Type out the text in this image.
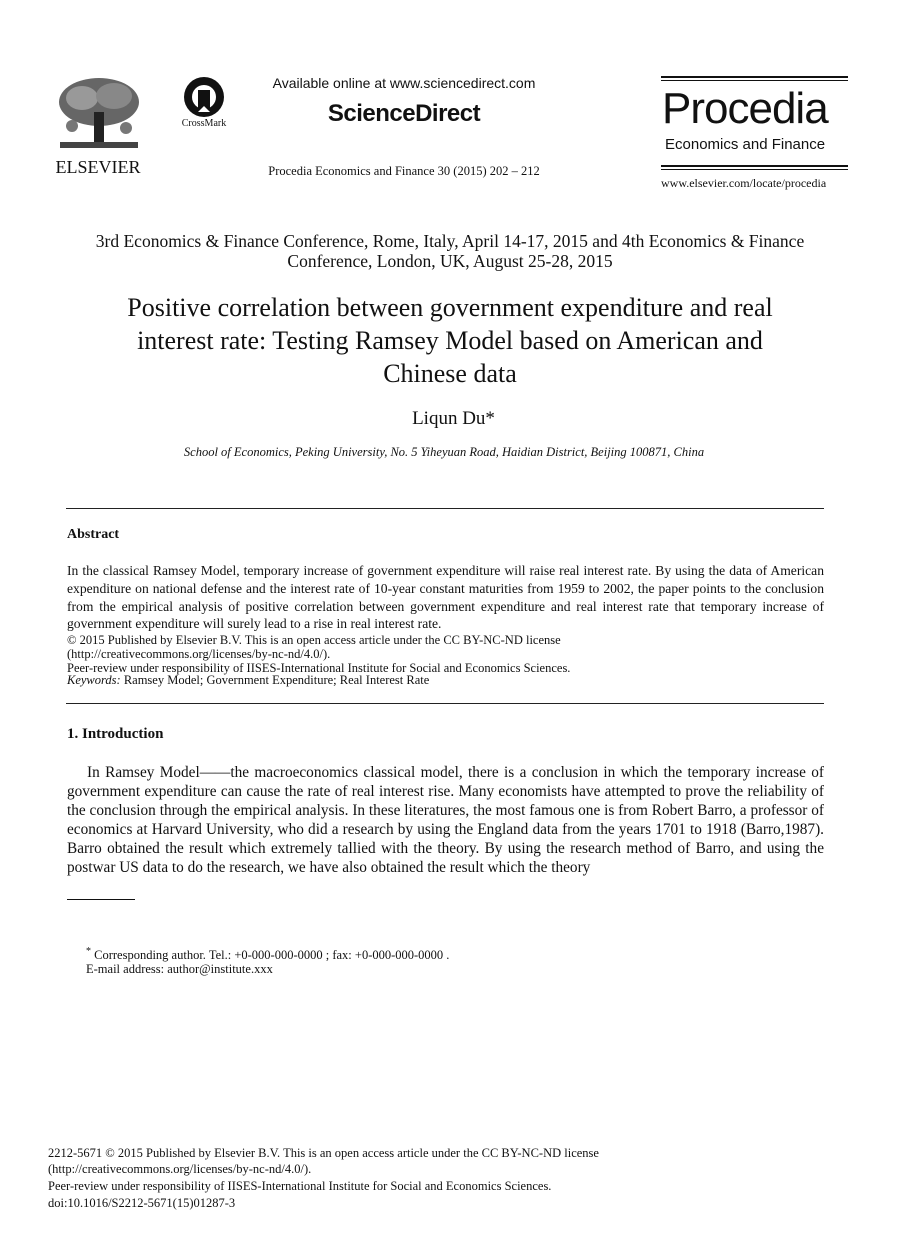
ELSEVIER
CrossMark
Available online at www.sciencedirect.com
ScienceDirect
Procedia Economics and Finance 30 (2015) 202 – 212
Procedia
Economics and Finance
www.elsevier.com/locate/procedia
3rd Economics & Finance Conference, Rome, Italy, April 14-17, 2015 and 4th Economics & Finance Conference, London, UK, August 25-28, 2015
Positive correlation between government expenditure and real interest rate: Testing Ramsey Model based on American and Chinese data
Liqun Du*
School of Economics, Peking University, No. 5 Yiheyuan Road, Haidian District, Beijing 100871, China
Abstract
In the classical Ramsey Model, temporary increase of government expenditure will raise real interest rate. By using the data of American expenditure on national defense and the interest rate of 10-year constant maturities from 1959 to 2002, the paper points to the conclusion from the empirical analysis of positive correlation between government expenditure and real interest rate that temporary increase of government expenditure will surely lead to a rise in real interest rate.
© 2015 Published by Elsevier B.V. This is an open access article under the CC BY-NC-ND license
(http://creativecommons.org/licenses/by-nc-nd/4.0/).
Peer-review under responsibility of IISES-International Institute for Social and Economics Sciences.
Keywords: Ramsey Model; Government Expenditure; Real Interest Rate
1. Introduction
In Ramsey Model——the macroeconomics classical model, there is a conclusion in which the temporary increase of government expenditure can cause the rate of real interest rise. Many economists have attempted to prove the reliability of the conclusion through the empirical analysis. In these literatures, the most famous one is from Robert Barro, a professor of economics at Harvard University, who did a research by using the England data from the years 1701 to 1918 (Barro,1987). Barro obtained the result which extremely tallied with the theory. By using the research method of Barro, and using the postwar US data to do the research, we have also obtained the result which the theory
* Corresponding author. Tel.: +0-000-000-0000 ; fax: +0-000-000-0000 .
E-mail address: author@institute.xxx
2212-5671 © 2015 Published by Elsevier B.V. This is an open access article under the CC BY-NC-ND license
(http://creativecommons.org/licenses/by-nc-nd/4.0/).
Peer-review under responsibility of IISES-International Institute for Social and Economics Sciences.
doi:10.1016/S2212-5671(15)01287-3
